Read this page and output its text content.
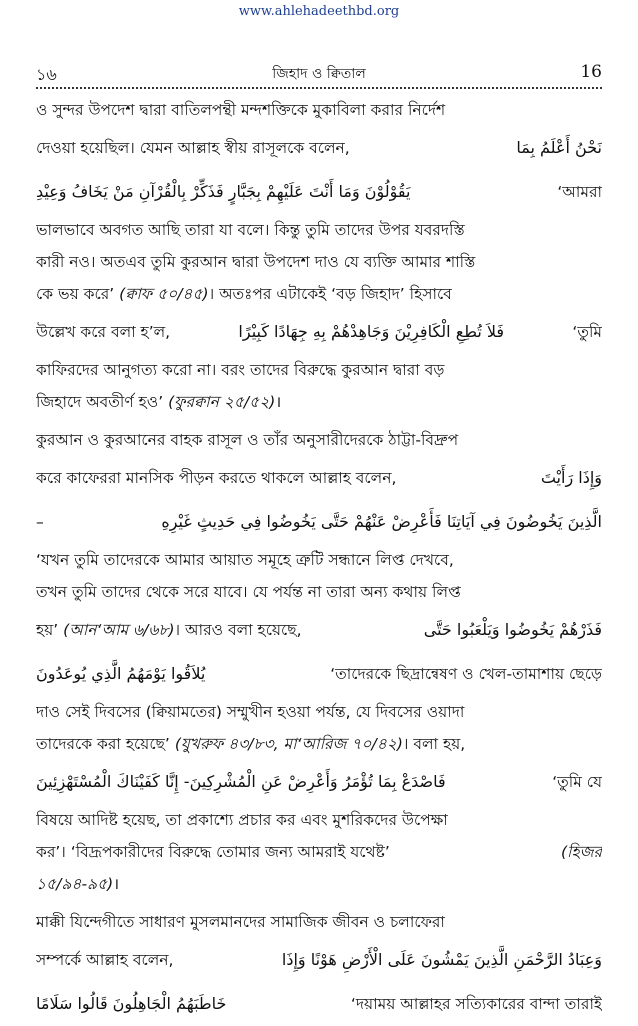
www.ahlehadeethbd.org
১৬	জিহাদ ও ক্বিতাল	16
ও সুন্দর উপদেশ দ্বারা বাতিলপন্থী মন্দশক্তিকে মুকাবিলা করার নির্দেশ
দেওয়া হয়েছিল। যেমন আল্লাহ স্বীয় রাসূলকে বলেন,	نَحْنُ أَعْلَمُ بِمَا
يَقُوْلُوْنَ وَمَا أَنْتَ عَلَيْهِمْ بِجَبَّارٍ فَذَكِّرْ بِالْقُرْآنِ مَنْ يَخَافُ وَعِيْدِ	‘আমরা
ভালভাবে অবগত আছি তারা যা বলে। কিন্তু তুমি তাদের উপর যবরদস্তি
কারী নও। অতএব তুমি কুরআন দ্বারা উপদেশ দাও যে ব্যক্তি আমার শাস্তি
কে ভয় করে’ (ক্বাফ ৫০/৪৫)। অতঃপর এটাকেই ‘বড় জিহাদ’ হিসাবে
উল্লেখ করে বলা হ’ল,	فَلاَ تُطِعِ الْكَافِرِيْنَ وَجَاهِدْهُمْ بِهِ جِهَادًا كَبِيْرًا	‘তুমি
কাফিরদের আনুগত্য করো না। বরং তাদের বিরুদ্ধে কুরআন দ্বারা বড়
জিহাদে অবতীর্ণ হও’ (ফুরক্বান ২৫/৫২)।
কুরআন ও কুরআনের বাহক রাসূল ও তাঁর অনুসারীদেরকে ঠাট্টা-বিদ্রুপ
করে কাফেররা মানসিক পীড়ন করতে থাকলে আল্লাহ বলেন,	وَإِذَا رَأَيْتَ
–	الَّذِينَ يَخُوضُونَ فِي آيَاتِنَا فَأَعْرِضْ عَنْهُمْ حَتَّى يَخُوضُوا فِي حَدِيثٍ غَيْرِهِ
‘যখন তুমি তাদেরকে আমার আয়াত সমূহে ত্রুটি সন্ধানে লিপ্ত দেখবে,
তখন তুমি তাদের থেকে সরে যাবে। যে পর্যন্ত না তারা অন্য কথায় লিপ্ত
হয়’ (আন‘আম ৬/৬৮)। আরও বলা হয়েছে,	فَذَرْهُمْ يَخُوضُوا وَيَلْعَبُوا حَتَّى
يُلاَقُوا يَوْمَهُمُ الَّذِي يُوعَدُونَ	‘তাদেরকে ছিদ্রান্বেষণ ও খেল-তামাশায় ছেড়ে
দাও সেই দিবসের (ক্বিয়ামতের) সম্মুখীন হওয়া পর্যন্ত, যে দিবসের ওয়াদা
তাদেরকে করা হয়েছে’ (যুখরুফ ৪৩/৮৩, মা‘আরিজ ৭০/৪২)। বলা হয়,
فَاصْدَعْ بِمَا تُؤْمَرُ وَأَعْرِضْ عَنِ الْمُشْرِكِينَ- إِنَّا كَفَيْنَاكَ الْمُسْتَهْزِئِينَ	‘তুমি যে
বিষয়ে আদিষ্ট হয়েছ, তা প্রকাশ্যে প্রচার কর এবং মুশরিকদের উপেক্ষা
কর’। ‘বিদ্রূপকারীদের বিরুদ্ধে তোমার জন্য আমরাই যথেষ্ট’	(হিজর
১৫/৯৪-৯৫)।
মাক্কী যিন্দেগীতে সাধারণ মুসলমানদের সামাজিক জীবন ও চলাফেরা
সম্পর্কে আল্লাহ বলেন,	وَعِبَادُ الرَّحْمَنِ الَّذِينَ يَمْشُونَ عَلَى الْأَرْضِ هَوْنًا وَإِذَا
خَاطَبَهُمُ الْجَاهِلُونَ قَالُوا سَلَامًا	‘দয়াময় আল্লাহর সত্যিকারের বান্দা তারাই
